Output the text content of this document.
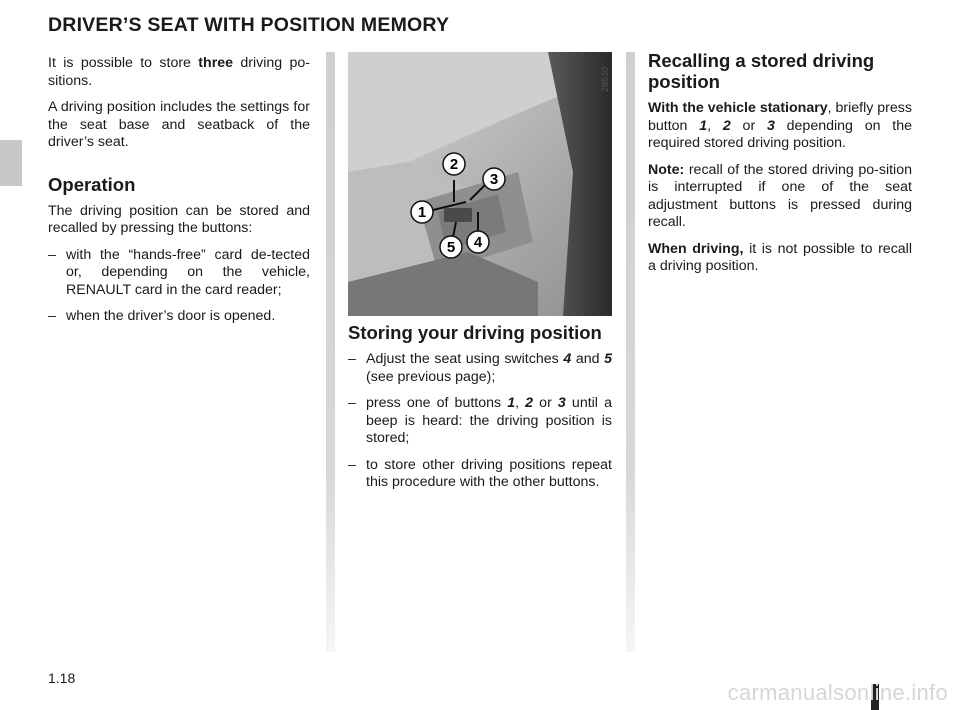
DRIVER’S SEAT WITH POSITION MEMORY

It is possible to store three driving po-sitions.

A driving position includes the settings for the seat base and seatback of the driver’s seat.

Operation

The driving position can be stored and recalled by pressing the buttons:

– with the “hands-free” card de-tected or, depending on the vehicle, RENAULT card in the card reader;

– when the driver’s door is opened.

2
3
1
4
5
29530
Storing your driving position

– Adjust the seat using switches 4 and 5 (see previous page);

– press one of buttons 1, 2 or 3 until a beep is heard: the driving position is stored;

– to store other driving positions repeat this procedure with the other buttons.

Recalling a stored driving position

With the vehicle stationary, briefly press button 1, 2 or 3 depending on the required stored driving position.

Note: recall of the stored driving po-sition is interrupted if one of the seat adjustment buttons is pressed during recall.

When driving, it is not possible to recall a driving position.

1.18
carmanualsonline.info
